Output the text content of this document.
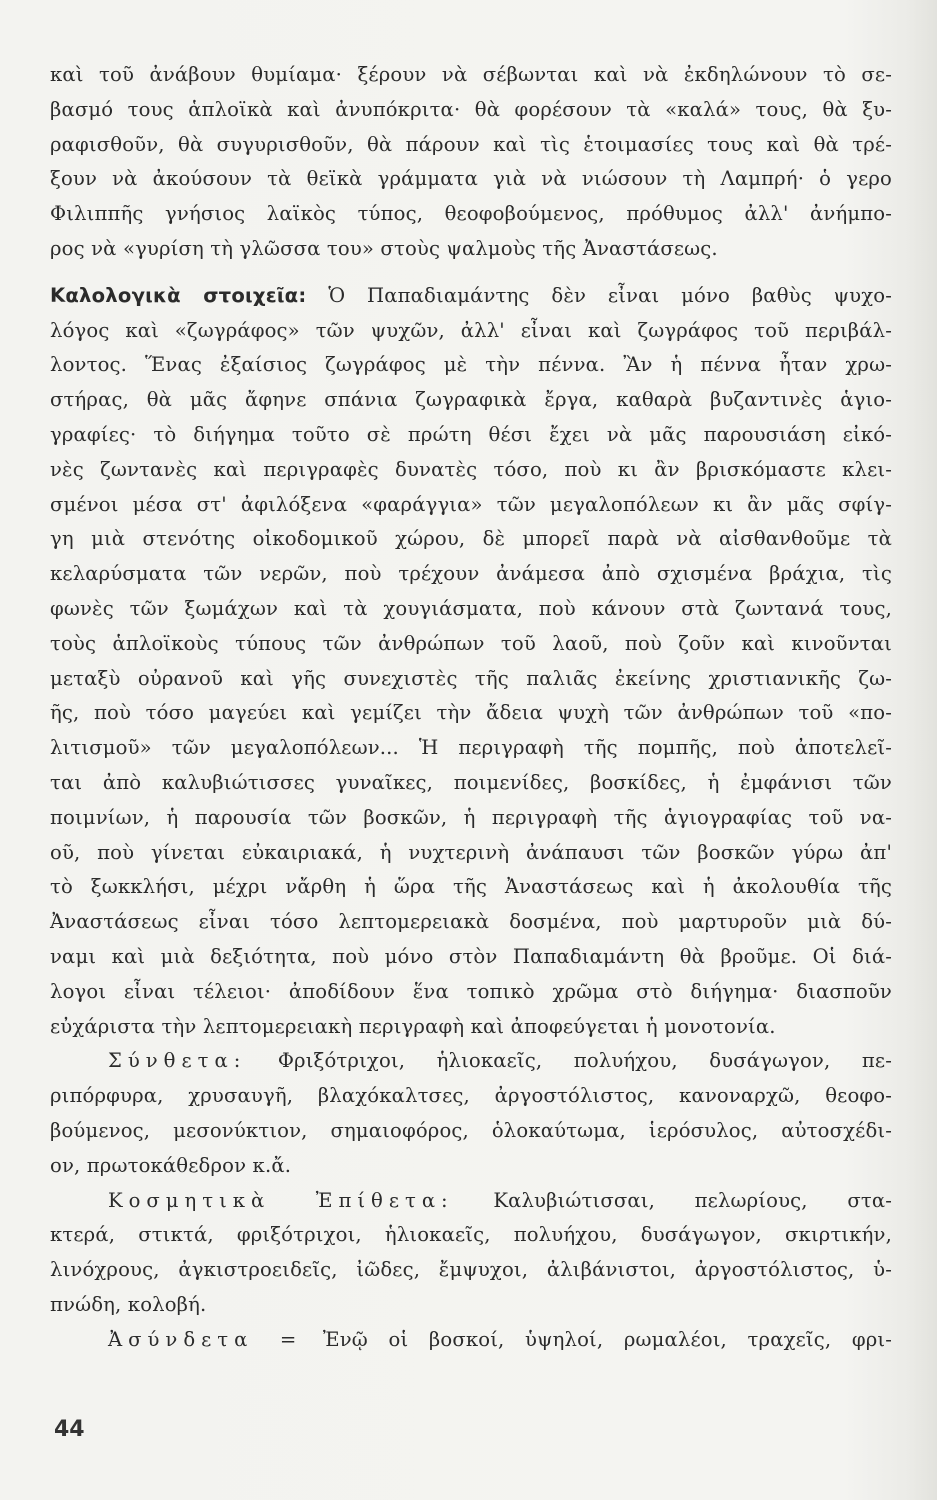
καὶ τοῦ ἀνάβουν θυμίαμα· ξέρουν νὰ σέβωνται καὶ νὰ ἐκδηλώνουν τὸ σε-
βασμό τους ἁπλοϊκὰ καὶ ἀνυπόκριτα· θὰ φορέσουν τὰ «καλά» τους, θὰ ξυ-
ραφισθοῦν, θὰ συγυρισθοῦν, θὰ πάρουν καὶ τὶς ἑτοιμασίες τους καὶ θὰ τρέ-
ξουν νὰ ἀκούσουν τὰ θεϊκὰ γράμματα γιὰ νὰ νιώσουν τὴ Λαμπρή· ὁ γερο
Φιλιππῆς γνήσιος λαϊκὸς τύπος, θεοφοβούμενος, πρόθυμος ἀλλ' ἀνήμπο-
ρος νὰ «γυρίση τὴ γλῶσσα του» στοὺς ψαλμοὺς τῆς Ἀναστάσεως.
Καλολογικὰ στοιχεῖα: Ὁ Παπαδιαμάντης δὲν εἶναι μόνο βαθὺς ψυχο-
λόγος καὶ «ζωγράφος» τῶν ψυχῶν, ἀλλ' εἶναι καὶ ζωγράφος τοῦ περιβάλ-
λοντος. Ἕνας ἐξαίσιος ζωγράφος μὲ τὴν πέννα. Ἂν ἡ πέννα ἦταν χρω-
στήρας, θὰ μᾶς ἄφηνε σπάνια ζωγραφικὰ ἔργα, καθαρὰ βυζαντινὲς ἁγιο-
γραφίες· τὸ διήγημα τοῦτο σὲ πρώτη θέσι ἔχει νὰ μᾶς παρουσιάση εἰκό-
νὲς ζωντανὲς καὶ περιγραφὲς δυνατὲς τόσο, ποὺ κι ἂν βρισκόμαστε κλει-
σμένοι μέσα στ' ἀφιλόξενα «φαράγγια» τῶν μεγαλοπόλεων κι ἂν μᾶς σφίγ-
γη μιὰ στενότης οἰκοδομικοῦ χώρου, δὲ μπορεῖ παρὰ νὰ αἰσθανθοῦμε τὰ
κελαρύσματα τῶν νερῶν, ποὺ τρέχουν ἀνάμεσα ἀπὸ σχισμένα βράχια, τὶς
φωνὲς τῶν ξωμάχων καὶ τὰ χουγιάσματα, ποὺ κάνουν στὰ ζωντανά τους,
τοὺς ἁπλοϊκοὺς τύπους τῶν ἀνθρώπων τοῦ λαοῦ, ποὺ ζοῦν καὶ κινοῦνται
μεταξὺ οὐρανοῦ καὶ γῆς συνεχιστὲς τῆς παλιᾶς ἐκείνης χριστιανικῆς ζω-
ῆς, ποὺ τόσο μαγεύει καὶ γεμίζει τὴν ἄδεια ψυχὴ τῶν ἀνθρώπων τοῦ «πο-
λιτισμοῦ» τῶν μεγαλοπόλεων... Ἡ περιγραφὴ τῆς πομπῆς, ποὺ ἀποτελεῖ-
ται ἀπὸ καλυβιώτισσες γυναῖκες, ποιμενίδες, βοσκίδες, ἡ ἐμφάνισι τῶν
ποιμνίων, ἡ παρουσία τῶν βοσκῶν, ἡ περιγραφὴ τῆς ἁγιογραφίας τοῦ να-
οῦ, ποὺ γίνεται εὐκαιριακά, ἡ νυχτερινὴ ἀνάπαυσι τῶν βοσκῶν γύρω ἀπ'
τὸ ξωκκλήσι, μέχρι νἄρθη ἡ ὥρα τῆς Ἀναστάσεως καὶ ἡ ἀκολουθία τῆς
Ἀναστάσεως εἶναι τόσο λεπτομερειακὰ δοσμένα, ποὺ μαρτυροῦν μιὰ δύ-
ναμι καὶ μιὰ δεξιότητα, ποὺ μόνο στὸν Παπαδιαμάντη θὰ βροῦμε. Οἱ διά-
λογοι εἶναι τέλειοι· ἀποδίδουν ἕνα τοπικὸ χρῶμα στὸ διήγημα· διασποῦν
εὐχάριστα τὴν λεπτομερειακὴ περιγραφὴ καὶ ἀποφεύγεται ἡ μονοτονία.
Σύνθετα: Φριξότριχοι, ἡλιοκαεῖς, πολυήχου, δυσάγωγον, πε-
ριπόρφυρα, χρυσαυγῆ, βλαχόκαλτσες, ἀργοστόλιστος, κανοναρχῶ, θεοφο-
βούμενος, μεσονύκτιον, σημαιοφόρος, ὁλοκαύτωμα, ἱερόσυλος, αὐτοσχέδι-
ον, πρωτοκάθεδρον κ.ἄ.
Κοσμητικὰ Ἐπίθετα: Καλυβιώτισσαι, πελωρίους, στα-
κτερά, στικτά, φριξότριχοι, ἡλιοκαεῖς, πολυήχου, δυσάγωγον, σκιρτικήν,
λινόχρους, ἀγκιστροειδεῖς, ἰῶδες, ἔμψυχοι, ἀλιβάνιστοι, ἀργοστόλιστος, ὑ-
πνώδη, κολοβή.
Ἀσύνδετα = Ἐνῷ οἱ βοσκοί, ὑψηλοί, ρωμαλέοι, τραχεῖς, φρι-
44
